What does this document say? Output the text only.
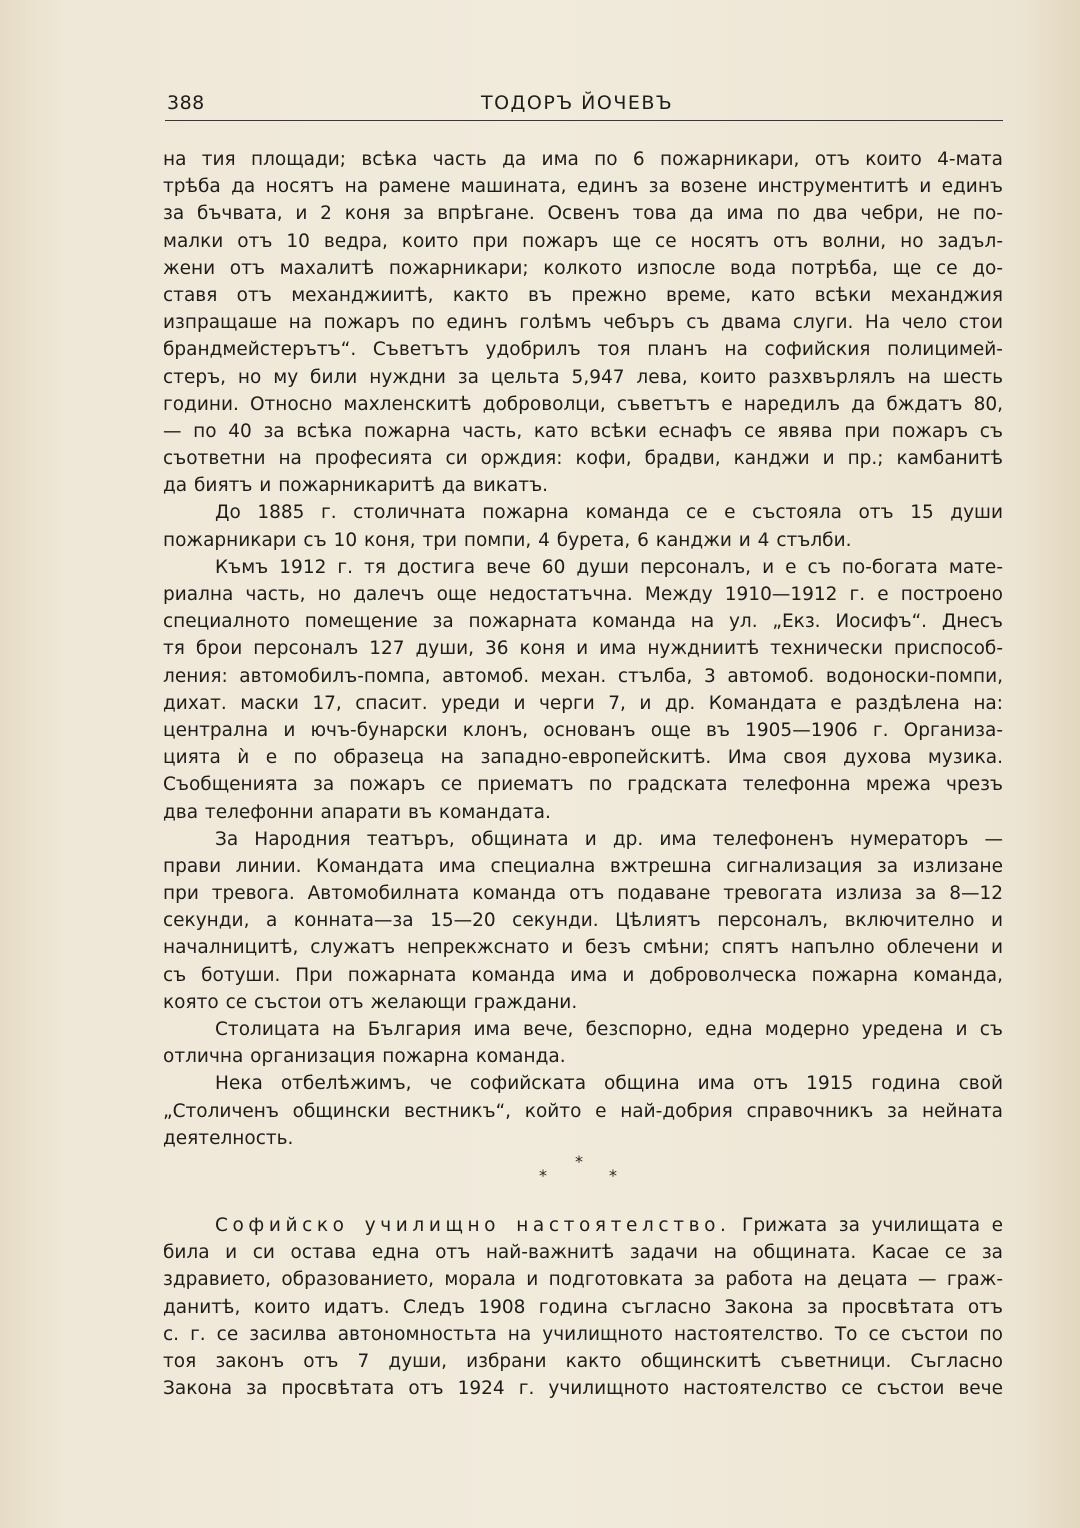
388	ТОДОРЪ ЙОЧЕВЪ
на тия площади; всѣка часть да има по 6 пожарникари, отъ които 4-мата
трѣба да носятъ на рамене машината, единъ за возене инструментитѣ и единъ
за бъчвата, и 2 коня за впрѣгане. Освенъ това да има по два чебри, не по-
малки отъ 10 ведра, които при пожаръ ще се носятъ отъ волни, но задъл-
жени отъ махалитѣ пожарникари; колкото изпосле вода потрѣба, ще се до-
ставя отъ механджиитѣ, както въ прежно време, като всѣки механджия
изпращаше на пожаръ по единъ голѣмъ чебъръ съ двама слуги. На чело стои
брандмейстерътъ“. Съветътъ удобрилъ тоя планъ на софийския полицимей-
стеръ, но му били нуждни за цельта 5,947 лева, които разхвърлялъ на шесть
години. Относно махленскитѣ доброволци, съветътъ е наредилъ да бждатъ 80,
— по 40 за всѣка пожарна часть, като всѣки еснафъ се явява при пожаръ съ
съответни на професията си орждия: кофи, брадви, канджи и пр.; камбанитѣ
да биятъ и пожарникаритѣ да викатъ.
До 1885 г. столичната пожарна команда се е състояла отъ 15 души
пожарникари съ 10 коня, три помпи, 4 бурета, 6 канджи и 4 стълби.
Къмъ 1912 г. тя достига вече 60 души персоналъ, и е съ по-богата мате-
риална часть, но далечъ още недостатъчна. Между 1910—1912 г. е построено
специалното помещение за пожарната команда на ул. „Екз. Иосифъ“. Днесъ
тя брои персоналъ 127 души, 36 коня и има нуждниитѣ технически приспособ-
ления: автомобилъ-помпа, автомоб. механ. стълба, 3 автомоб. водоноски-помпи,
дихат. маски 17, спасит. уреди и черги 7, и др. Командата е раздѣлена на:
централна и ючъ-бунарски клонъ, основанъ още въ 1905—1906 г. Организа-
цията ѝ е по образеца на западно-европейскитѣ. Има своя духова музика.
Съобщенията за пожаръ се приематъ по градската телефонна мрежа чрезъ
два телефонни апарати въ командата.
За Народния театъръ, общината и др. има телефоненъ нумераторъ —
прави линии. Командата има специална вжтрешна сигнализация за излизане
при тревога. Автомобилната команда отъ подаване тревогата излиза за 8—12
секунди, а конната—за 15—20 секунди. Цѣлиятъ персоналъ, включително и
началницитѣ, служатъ непрекжснато и безъ смѣни; спятъ напълно облечени и
съ ботуши. При пожарната команда има и доброволческа пожарна команда,
която се състои отъ желающи граждани.
Столицата на България има вече, безспорно, една модерно уредена и съ
отлична организация пожарна команда.
Нека отбелѣжимъ, че софийската община има отъ 1915 година свой
„Столиченъ общински вестникъ“, който е най-добрия справочникъ за нейната
деятелность.
*
*
*
Софийско училищно настоятелство. Грижата за училищата е
била и си остава една отъ най-важнитѣ задачи на общината. Касае се за
здравието, образованието, морала и подготовката за работа на децата — граж-
данитѣ, които идатъ. Следъ 1908 година съгласно Закона за просвѣтата отъ
с. г. се засилва автономностьта на училищното настоятелство. То се състои по
тоя законъ отъ 7 души, избрани както общинскитѣ съветници. Съгласно
Закона за просвѣтата отъ 1924 г. училищното настоятелство се състои вече
